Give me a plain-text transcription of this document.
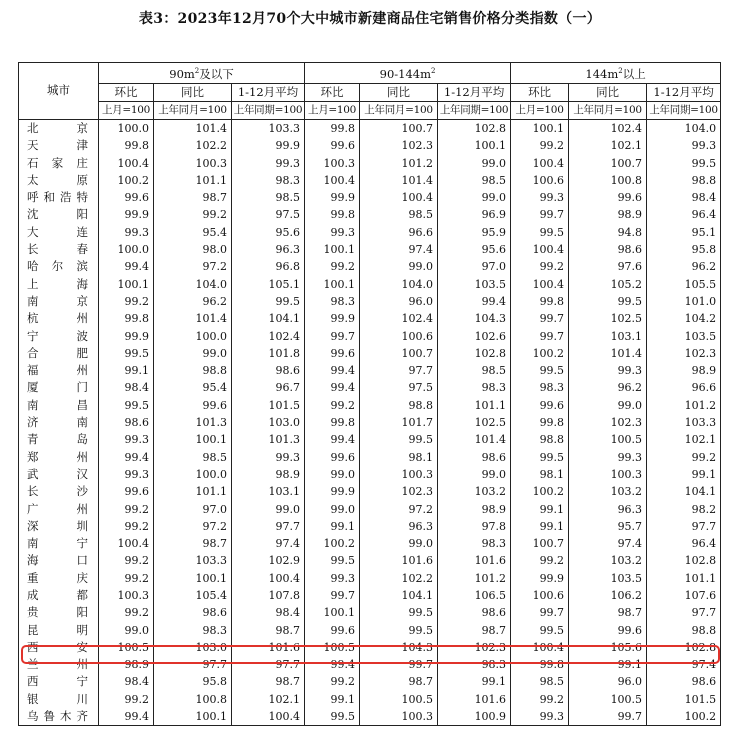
表3：2023年12月70个大中城市新建商品住宅销售价格分类指数（一）
城市	$90m^2$及以下			$90-144m^2$			$144m^2$以上		
	环比	同比	1-12月平均	环比	同比	1-12月平均	环比	同比	1-12月平均
	上月=100	上年同月=100	上年同期=100	上月=100	上年同月=100	上年同期=100	上月=100	上年同月=100	上年同期=100
北京	100.0	101.4	103.3	99.8	100.7	102.8	100.1	102.4	104.0
天津	99.8	102.2	99.9	99.6	102.3	100.1	99.2	102.1	99.3
石家庄	100.4	100.3	99.3	100.3	101.2	99.0	100.4	100.7	99.5
太原	100.2	101.1	98.3	100.4	101.4	98.5	100.6	100.8	98.8
呼和浩特	99.6	98.7	98.5	99.9	100.4	99.0	99.3	99.6	98.4
沈阳	99.9	99.2	97.5	99.8	98.5	96.9	99.7	98.9	96.4
大连	99.3	95.4	95.6	99.3	96.6	95.9	99.5	94.8	95.1
长春	100.0	98.0	96.3	100.1	97.4	95.6	100.4	98.6	95.8
哈尔滨	99.4	97.2	96.8	99.2	99.0	97.0	99.2	97.6	96.2
上海	100.1	104.0	105.1	100.1	104.0	103.5	100.4	105.2	105.5
南京	99.2	96.2	99.5	98.3	96.0	99.4	99.8	99.5	101.0
杭州	99.8	101.4	104.1	99.9	102.4	104.3	99.7	102.5	104.2
宁波	99.9	100.0	102.4	99.7	100.6	102.6	99.7	103.1	103.5
合肥	99.5	99.0	101.8	99.6	100.7	102.8	100.2	101.4	102.3
福州	99.1	98.8	98.6	99.4	97.7	98.5	99.5	99.3	98.9
厦门	98.4	95.4	96.7	99.4	97.5	98.3	98.3	96.2	96.6
南昌	99.5	99.6	101.5	99.2	98.8	101.1	99.6	99.0	101.2
济南	98.6	101.3	103.0	99.8	101.7	102.5	99.8	102.3	103.3
青岛	99.3	100.1	101.3	99.4	99.5	101.4	98.8	100.5	102.1
郑州	99.4	98.5	99.3	99.6	98.1	98.6	99.5	99.3	99.2
武汉	99.3	100.0	98.9	99.0	100.3	99.0	98.1	100.3	99.1
长沙	99.6	101.1	103.1	99.9	102.3	103.2	100.2	103.2	104.1
广州	99.2	97.0	99.0	99.0	97.2	98.9	99.1	96.3	98.2
深圳	99.2	97.2	97.7	99.1	96.3	97.8	99.1	95.7	97.7
南宁	100.4	98.7	97.4	100.2	99.0	98.3	100.7	97.4	96.4
海口	99.2	103.3	102.9	99.5	101.6	101.6	99.2	103.2	102.8
重庆	99.2	100.1	100.4	99.3	102.2	101.2	99.9	103.5	101.1
成都	100.3	105.4	107.8	99.7	104.1	106.5	100.6	106.2	107.6
贵阳	99.2	98.6	98.4	100.1	99.5	98.6	99.7	98.7	97.7
昆明	99.0	98.3	98.7	99.6	99.5	98.7	99.5	99.6	98.8
西安	100.5	103.0	101.6	100.5	104.3	102.3	100.4	105.6	102.8
兰州	98.9	97.7	97.7	99.4	99.7	98.3	99.8	99.1	97.4
西宁	98.4	95.8	98.7	99.2	98.7	99.1	98.5	96.0	98.6
银川	99.2	100.8	102.1	99.1	100.5	101.6	99.2	100.5	101.5
乌鲁木齐	99.4	100.1	100.4	99.5	100.3	100.9	99.3	99.7	100.2
